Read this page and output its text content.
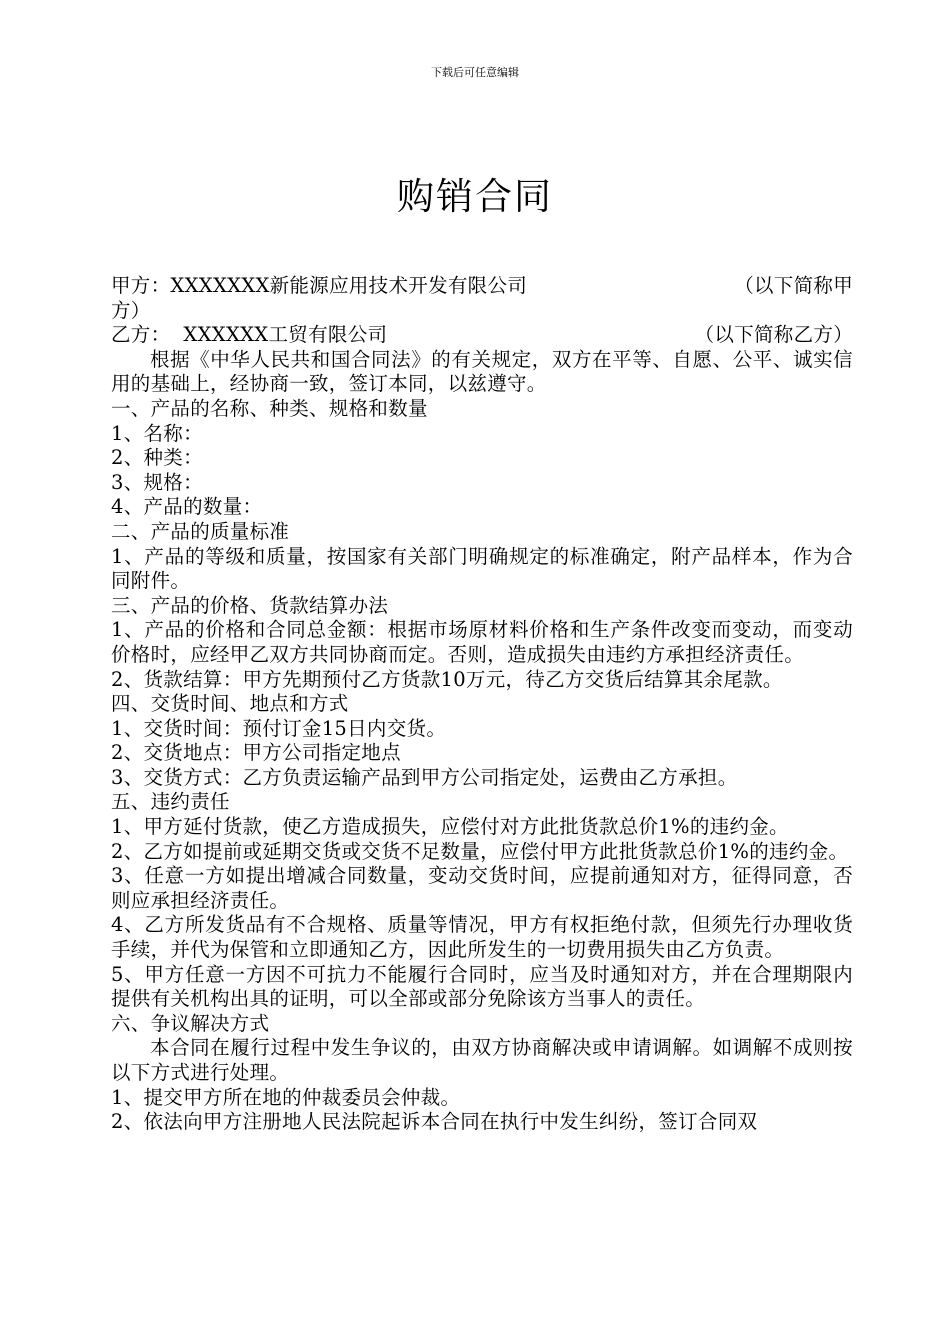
下载后可任意编辑
购销合同
甲方：XXXXXXX新能源应用技术开发有限公司	（以下简称甲
方）
乙方：  XXXXXX工贸有限公司	（以下简称乙方）

根据《中华人民共和国合同法》的有关规定，双方在平等、自愿、公平、诚实信用的基础上，经协商一致，签订本同，以兹遵守。

一、产品的名称、种类、规格和数量
1、名称：
2、种类：
3、规格：
4、产品的数量：
二、产品的质量标准

1、产品的等级和质量，按国家有关部门明确规定的标准确定，附产品样本，作为合同附件。

三、产品的价格、货款结算办法

1、产品的价格和合同总金额：根据市场原材料价格和生产条件改变而变动，而变动价格时，应经甲乙双方共同协商而定。否则，造成损失由违约方承担经济责任。

2、货款结算：甲方先期预付乙方货款10万元，待乙方交货后结算其余尾款。

四、交货时间、地点和方式
1、交货时间：预付订金15日内交货。
2、交货地点：甲方公司指定地点
3、交货方式：乙方负责运输产品到甲方公司指定处，运费由乙方承担。
五、违约责任

1、甲方延付货款，使乙方造成损失，应偿付对方此批货款总价1%的违约金。

2、乙方如提前或延期交货或交货不足数量，应偿付甲方此批货款总价1%的违约金。

3、任意一方如提出增减合同数量，变动交货时间，应提前通知对方，征得同意，否则应承担经济责任。

4、乙方所发货品有不合规格、质量等情况，甲方有权拒绝付款，但须先行办理收货手续，并代为保管和立即通知乙方，因此所发生的一切费用损失由乙方负责。

5、甲方任意一方因不可抗力不能履行合同时，应当及时通知对方，并在合理期限内提供有关机构出具的证明，可以全部或部分免除该方当事人的责任。

六、争议解决方式

本合同在履行过程中发生争议的，由双方协商解决或申请调解。如调解不成则按以下方式进行处理。

1、提交甲方所在地的仲裁委员会仲裁。
2、依法向甲方注册地人民法院起诉本合同在执行中发生纠纷，签订合同双
